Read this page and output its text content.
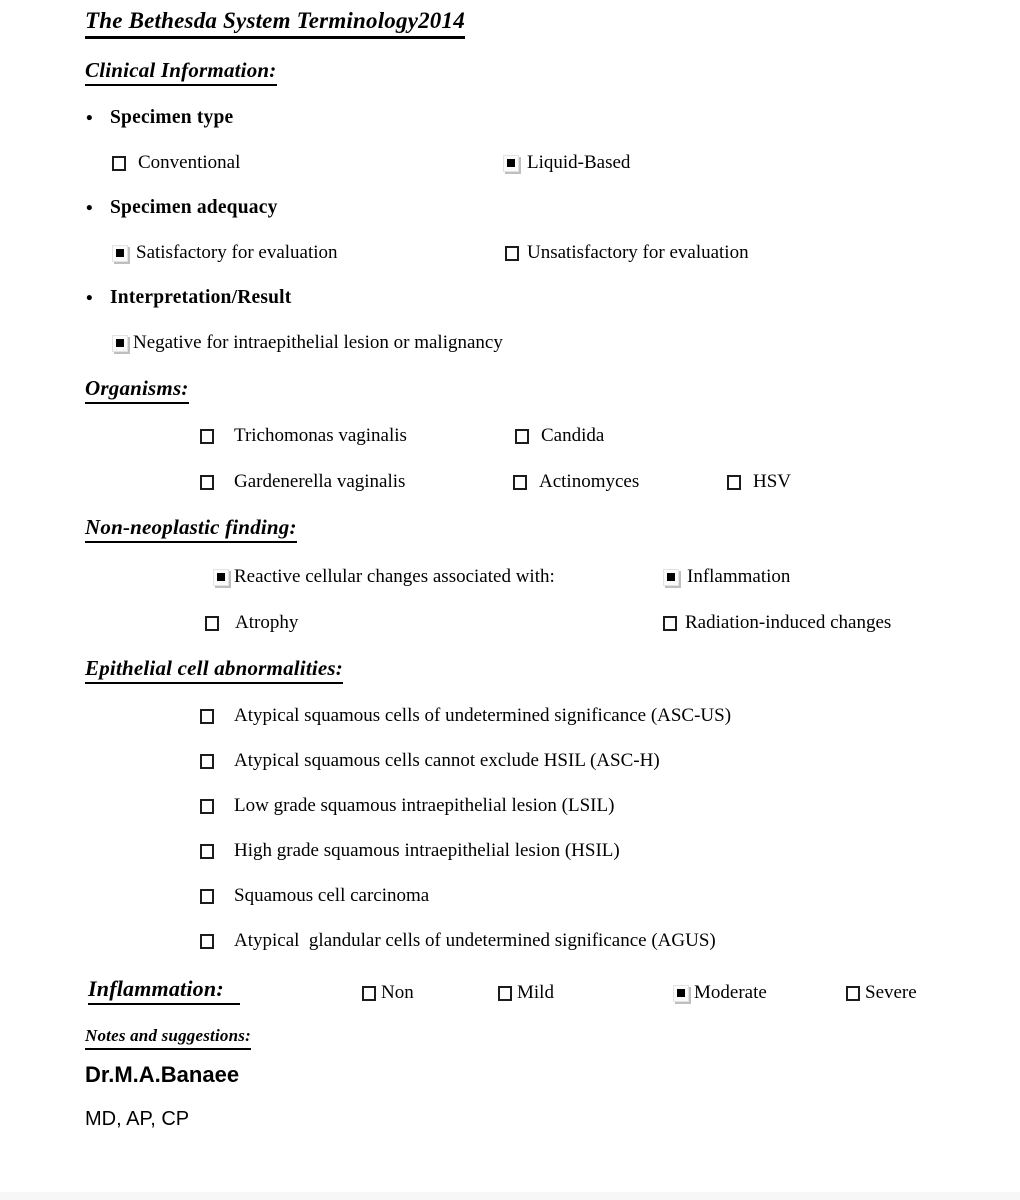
The Bethesda System Terminology2014
Clinical Information:
• Specimen type
Conventional	Liquid-Based
• Specimen adequacy
Satisfactory for evaluation	Unsatisfactory for evaluation
• Interpretation/Result
Negative for intraepithelial lesion or malignancy
Organisms:
Trichomonas vaginalis	Candida
Gardenerella vaginalis	Actinomyces	HSV
Non-neoplastic finding:
Reactive cellular changes associated with:	Inflammation
Atrophy	Radiation-induced changes
Epithelial cell abnormalities:
Atypical squamous cells of undetermined significance (ASC-US)
Atypical squamous cells cannot exclude HSIL (ASC-H)
Low grade squamous intraepithelial lesion (LSIL)
High grade squamous intraepithelial lesion (HSIL)
Squamous cell carcinoma
Atypical  glandular cells of undetermined significance (AGUS)
Inflammation:	Non	Mild	Moderate	Severe
Notes and suggestions:
Dr.M.A.Banaee
MD, AP, CP
